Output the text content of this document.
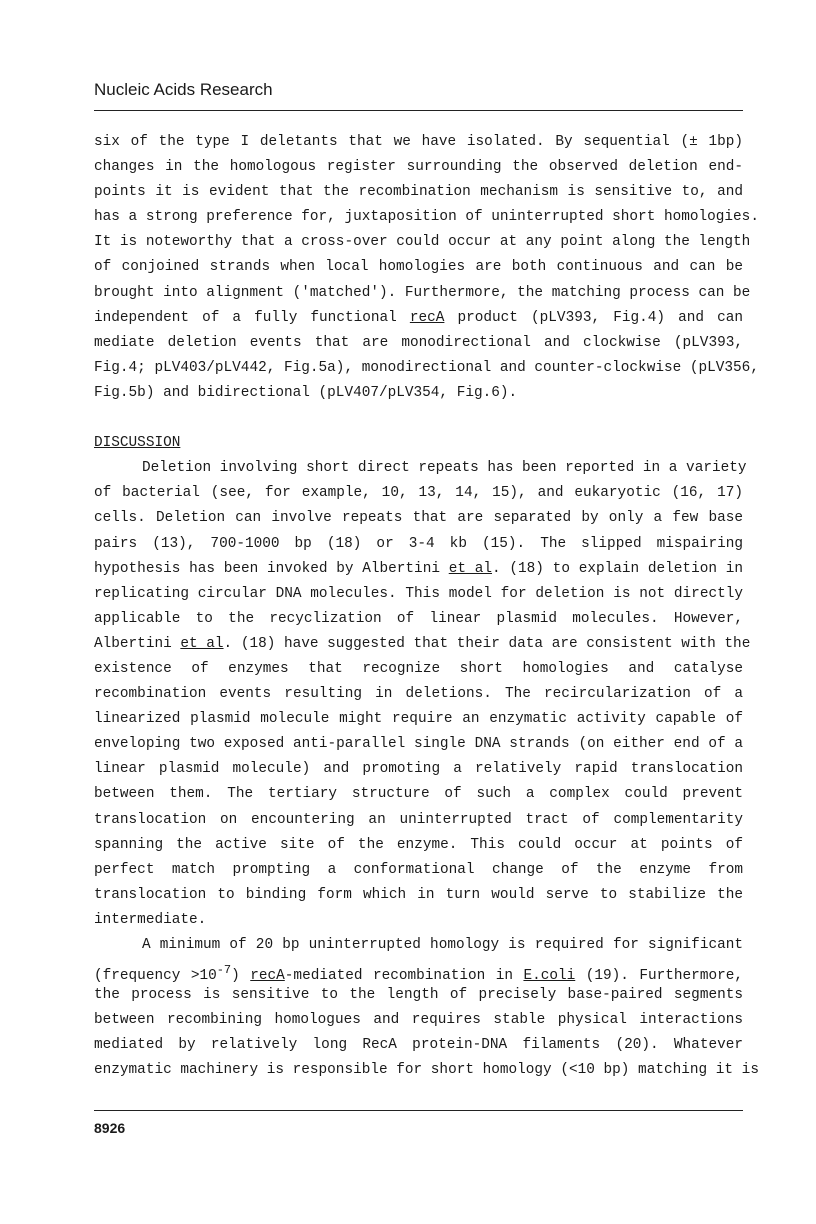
Nucleic Acids Research
six of the type I deletants that we have isolated. By sequential (± 1bp)
changes in the homologous register surrounding the observed deletion end-
points it is evident that the recombination mechanism is sensitive to, and
has a strong preference for, juxtaposition of uninterrupted short homologies.
It is noteworthy that a cross-over could occur at any point along the length
of conjoined strands when local homologies are both continuous and can be
brought into alignment ('matched'). Furthermore, the matching process can be
independent of a fully functional recA product (pLV393, Fig.4) and can
mediate deletion events that are monodirectional and clockwise (pLV393,
Fig.4; pLV403/pLV442, Fig.5a), monodirectional and counter-clockwise (pLV356,
Fig.5b) and bidirectional (pLV407/pLV354, Fig.6).
DISCUSSION
Deletion involving short direct repeats has been reported in a variety
of bacterial (see, for example, 10, 13, 14, 15), and eukaryotic (16, 17)
cells. Deletion can involve repeats that are separated by only a few base
pairs (13), 700-1000 bp (18) or 3-4 kb (15). The slipped mispairing
hypothesis has been invoked by Albertini et al. (18) to explain deletion in
replicating circular DNA molecules. This model for deletion is not directly
applicable to the recyclization of linear plasmid molecules. However,
Albertini et al. (18) have suggested that their data are consistent with the
existence of enzymes that recognize short homologies and catalyse
recombination events resulting in deletions. The recircularization of a
linearized plasmid molecule might require an enzymatic activity capable of
enveloping two exposed anti-parallel single DNA strands (on either end of a
linear plasmid molecule) and promoting a relatively rapid translocation
between them. The tertiary structure of such a complex could prevent
translocation on encountering an uninterrupted tract of complementarity
spanning the active site of the enzyme. This could occur at points of
perfect match prompting a conformational change of the enzyme from
translocation to binding form which in turn would serve to stabilize the
intermediate.
A minimum of 20 bp uninterrupted homology is required for significant
(frequency $>10^{-7}$) recA-mediated recombination in E.coli (19). Furthermore,
the process is sensitive to the length of precisely base-paired segments
between recombining homologues and requires stable physical interactions
mediated by relatively long RecA protein-DNA filaments (20). Whatever
enzymatic machinery is responsible for short homology (<10 bp) matching it is
8926
